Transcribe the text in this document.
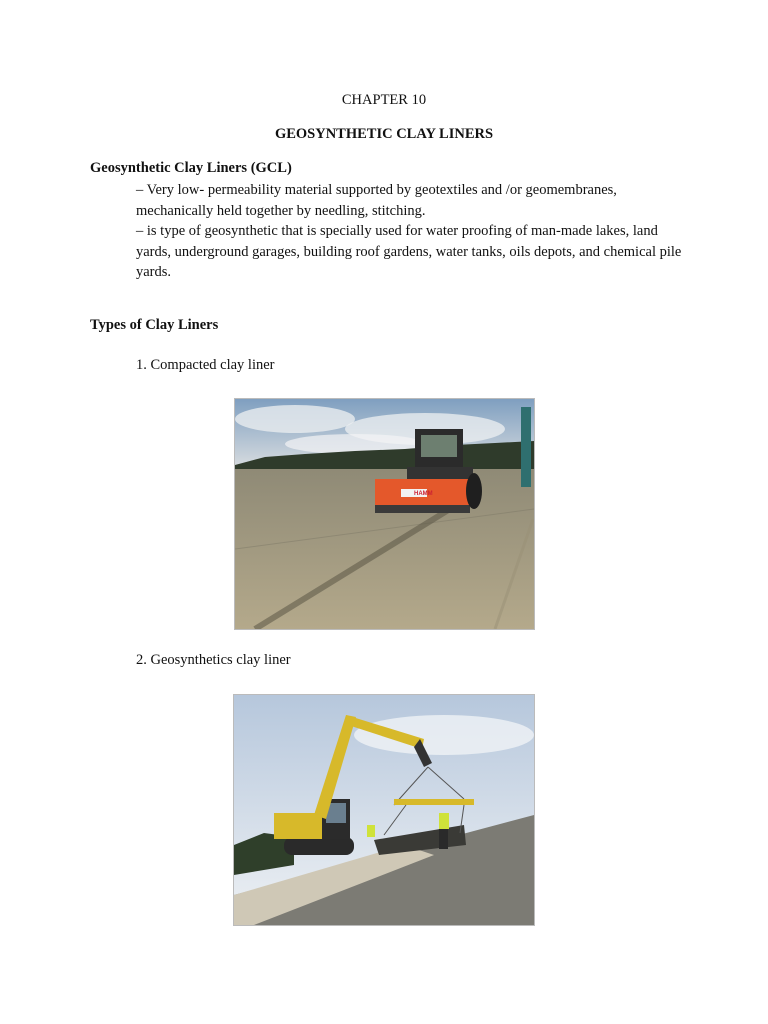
CHAPTER 10
GEOSYNTHETIC CLAY LINERS
Geosynthetic Clay Liners (GCL)
– Very low- permeability material supported by geotextiles and /or geomembranes, mechanically held together by needling, stitching.
– is type of geosynthetic that is specially used for water proofing of man-made lakes, land yards, underground garages, building roof gardens, water tanks, oils depots, and chemical pile yards.
Types of Clay Liners
1. Compacted clay liner
HAMM
2. Geosynthetics clay liner
